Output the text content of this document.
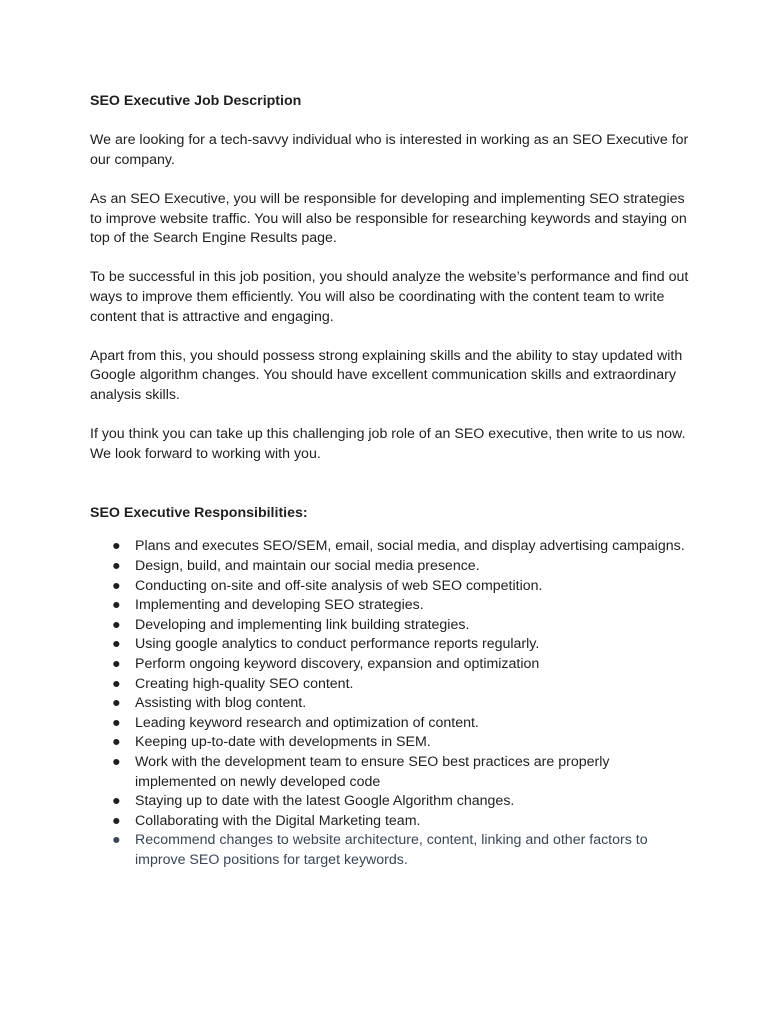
SEO Executive Job Description

We are looking for a tech-savvy individual who is interested in working as an SEO Executive for our company.

As an SEO Executive, you will be responsible for developing and implementing SEO strategies to improve website traffic. You will also be responsible for researching keywords and staying on top of the Search Engine Results page.

To be successful in this job position, you should analyze the website’s performance and find out ways to improve them efficiently. You will also be coordinating with the content team to write content that is attractive and engaging.

Apart from this, you should possess strong explaining skills and the ability to stay updated with Google algorithm changes. You should have excellent communication skills and extraordinary analysis skills.

If you think you can take up this challenging job role of an SEO executive, then write to us now. We look forward to working with you.

SEO Executive Responsibilities:
● Plans and executes SEO/SEM, email, social media, and display advertising campaigns.
● Design, build, and maintain our social media presence.
● Conducting on-site and off-site analysis of web SEO competition.
● Implementing and developing SEO strategies.
● Developing and implementing link building strategies.
● Using google analytics to conduct performance reports regularly.
● Perform ongoing keyword discovery, expansion and optimization
● Creating high-quality SEO content.
● Assisting with blog content.
● Leading keyword research and optimization of content.
● Keeping up-to-date with developments in SEM.
● Work with the development team to ensure SEO best practices are properly implemented on newly developed code
● Staying up to date with the latest Google Algorithm changes.
● Collaborating with the Digital Marketing team.
● Recommend changes to website architecture, content, linking and other factors to improve SEO positions for target keywords.
